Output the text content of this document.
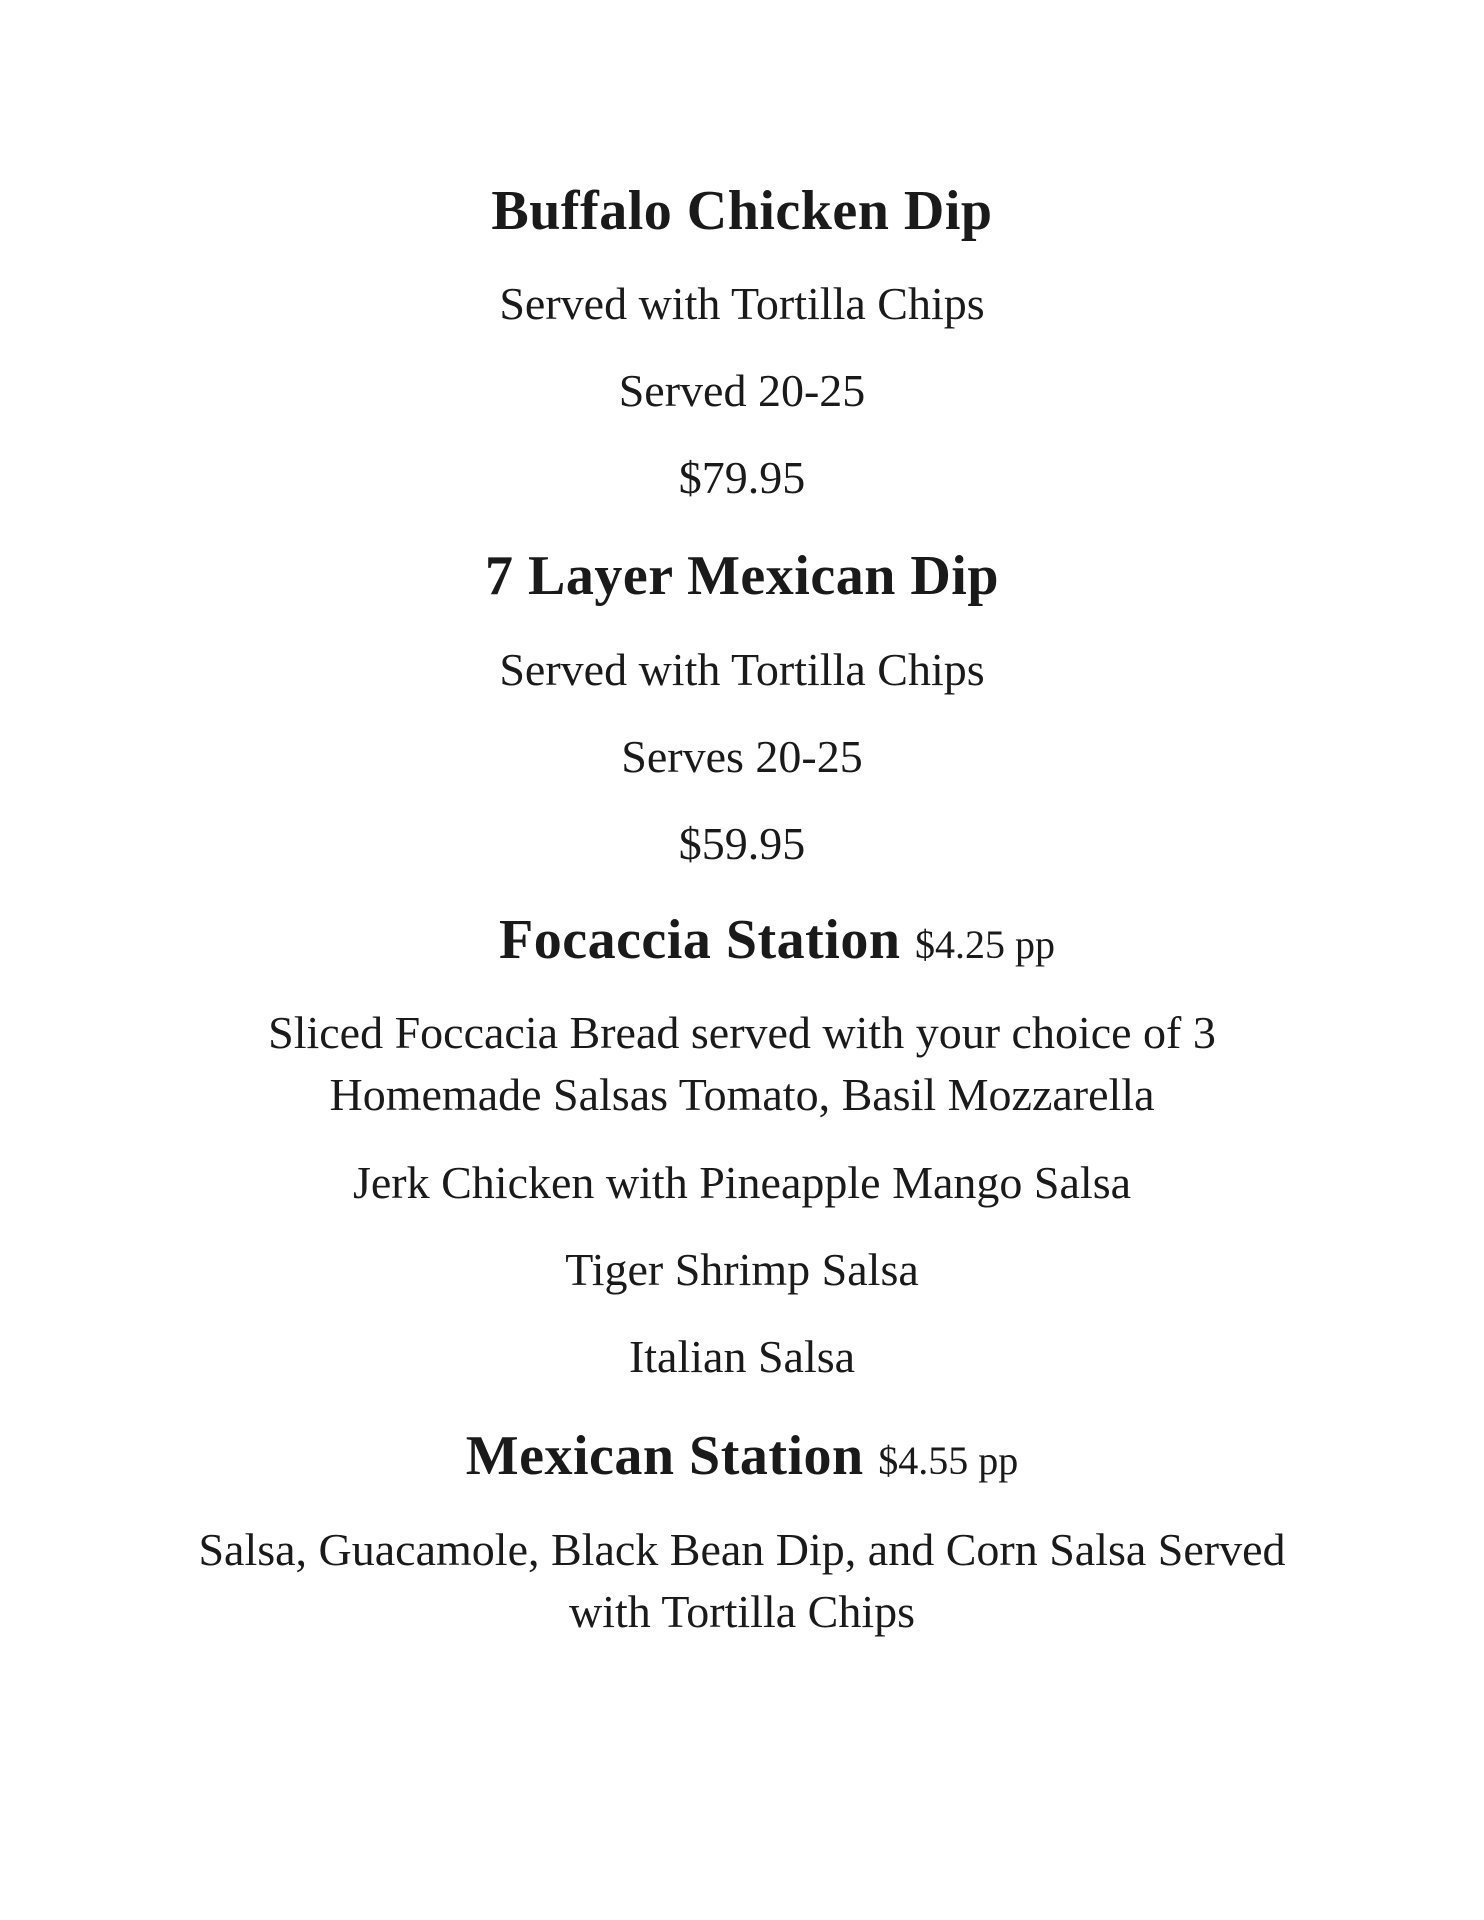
Buffalo Chicken Dip
Served with Tortilla Chips
Served 20-25
$79.95
7 Layer Mexican Dip
Served with Tortilla Chips
Serves 20-25
$59.95
Focaccia Station $4.25 pp
Sliced Foccacia Bread served with your choice of 3
Homemade Salsas Tomato, Basil Mozzarella
Jerk Chicken with Pineapple Mango Salsa
Tiger Shrimp Salsa
Italian Salsa
Mexican Station $4.55 pp
Salsa, Guacamole, Black Bean Dip, and Corn Salsa Served
with Tortilla Chips
